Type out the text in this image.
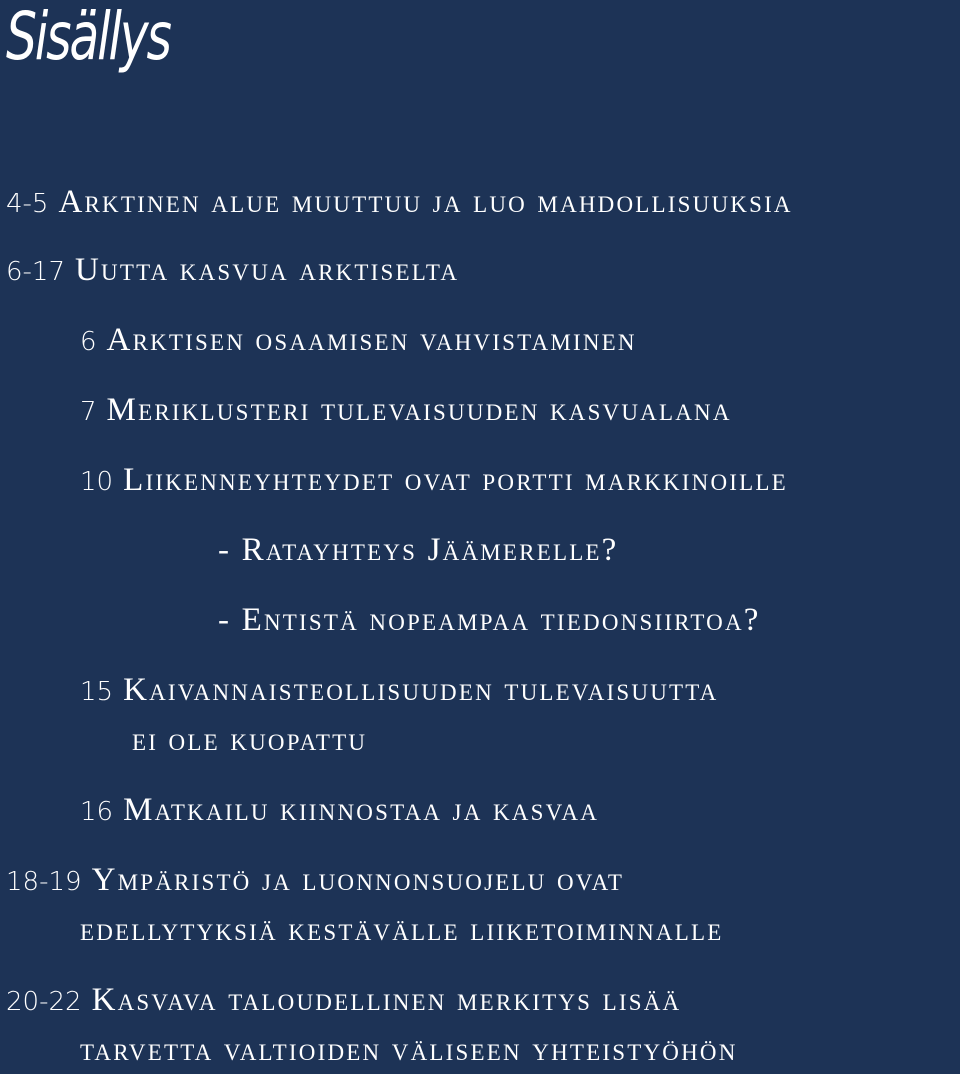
Sisällys

4-5 Arktinen alue muuttuu ja luo mahdollisuuksia

6-17 Uutta kasvua arktiselta

6 Arktisen osaamisen vahvistaminen

7 Meriklusteri tulevaisuuden kasvualana

10 Liikenneyhteydet ovat portti markkinoille

- Ratayhteys Jäämerelle?

- Entistä nopeampaa tiedonsiirtoa?

15 Kaivannaisteollisuuden tulevaisuutta

ei ole kuopattu

16 Matkailu kiinnostaa ja kasvaa

18-19 Ympäristö ja luonnonsuojelu ovat

edellytyksiä kestävälle liiketoiminnalle

20-22 Kasvava taloudellinen merkitys lisää

tarvetta valtioiden väliseen yhteistyöhön
